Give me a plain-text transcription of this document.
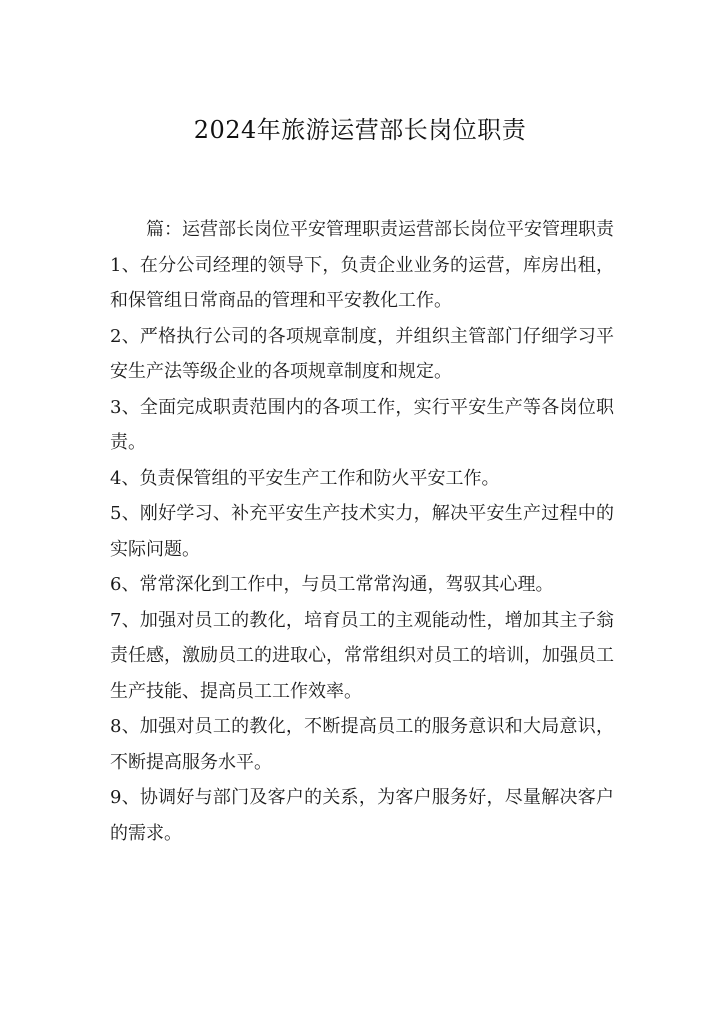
2024年旅游运营部长岗位职责

篇：运营部长岗位平安管理职责运营部长岗位平安管理职责

1、在分公司经理的领导下，负责企业业务的运营，库房出租，和保管组日常商品的管理和平安教化工作。

2、严格执行公司的各项规章制度，并组织主管部门仔细学习平安生产法等级企业的各项规章制度和规定。

3、全面完成职责范围内的各项工作，实行平安生产等各岗位职责。

4、负责保管组的平安生产工作和防火平安工作。

5、刚好学习、补充平安生产技术实力，解决平安生产过程中的实际问题。

6、常常深化到工作中，与员工常常沟通，驾驭其心理。

7、加强对员工的教化，培育员工的主观能动性，增加其主子翁责任感，激励员工的进取心，常常组织对员工的培训，加强员工生产技能、提高员工工作效率。

8、加强对员工的教化，不断提高员工的服务意识和大局意识，不断提高服务水平。

9、协调好与部门及客户的关系，为客户服务好，尽量解决客户的需求。
